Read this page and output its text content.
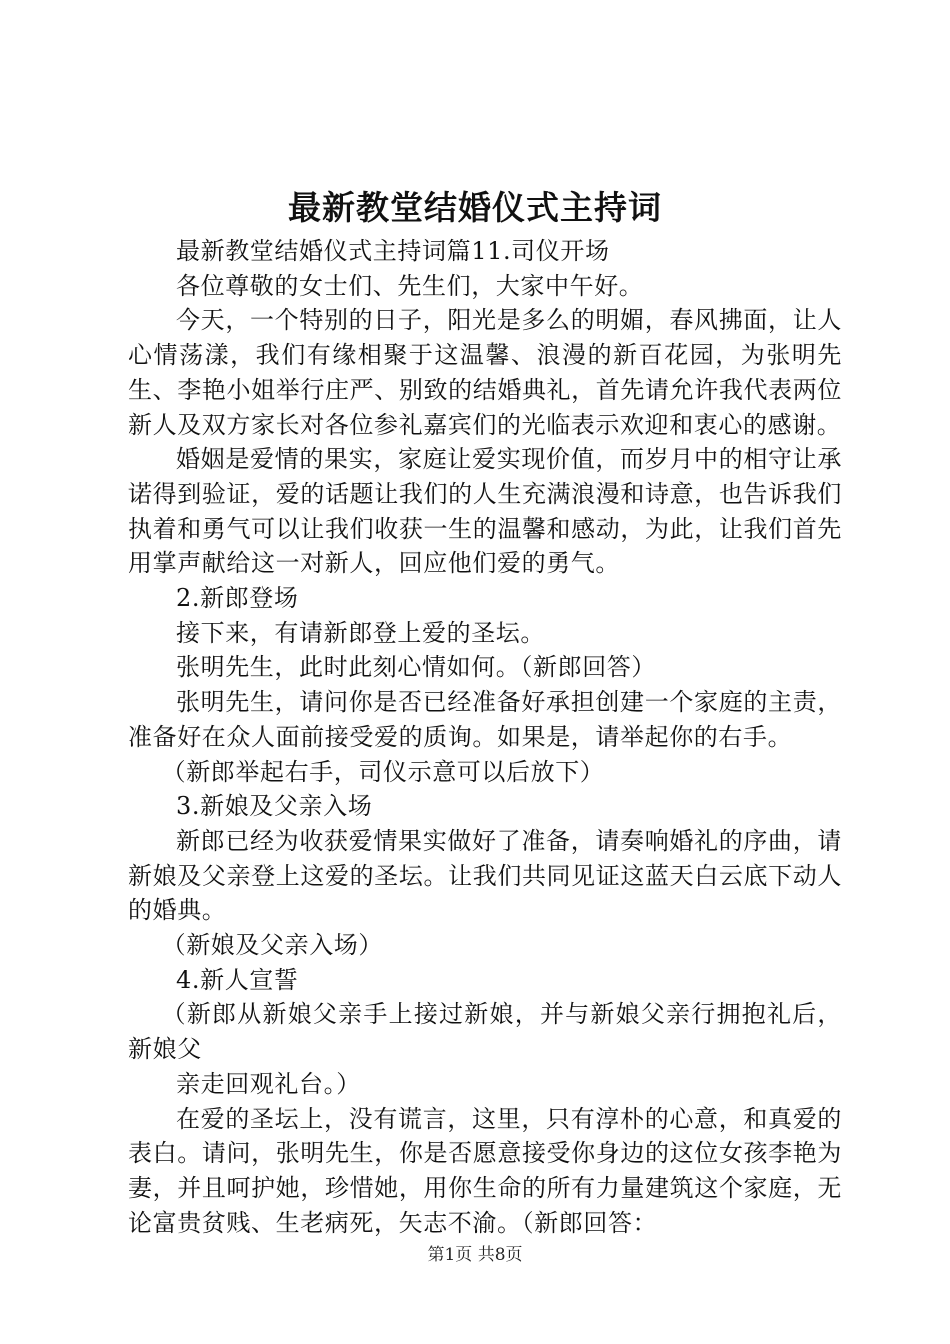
最新教堂结婚仪式主持词

最新教堂结婚仪式主持词篇11.司仪开场

各位尊敬的女士们、先生们，大家中午好。

今天，一个特别的日子，阳光是多么的明媚，春风拂面，让人心情荡漾，我们有缘相聚于这温馨、浪漫的新百花园，为张明先生、李艳小姐举行庄严、别致的结婚典礼，首先请允许我代表两位新人及双方家长对各位参礼嘉宾们的光临表示欢迎和衷心的感谢。

婚姻是爱情的果实，家庭让爱实现价值，而岁月中的相守让承诺得到验证，爱的话题让我们的人生充满浪漫和诗意，也告诉我们执着和勇气可以让我们收获一生的温馨和感动，为此，让我们首先用掌声献给这一对新人，回应他们爱的勇气。

2.新郎登场

接下来，有请新郎登上爱的圣坛。

张明先生，此时此刻心情如何。（新郎回答）

张明先生，请问你是否已经准备好承担创建一个家庭的主责，准备好在众人面前接受爱的质询。如果是，请举起你的右手。

（新郎举起右手，司仪示意可以后放下）

3.新娘及父亲入场

新郎已经为收获爱情果实做好了准备，请奏响婚礼的序曲，请新娘及父亲登上这爱的圣坛。让我们共同见证这蓝天白云底下动人的婚典。

（新娘及父亲入场）

4.新人宣誓

（新郎从新娘父亲手上接过新娘，并与新娘父亲行拥抱礼后，新娘父

亲走回观礼台。）

在爱的圣坛上，没有谎言，这里，只有淳朴的心意，和真爱的表白。请问，张明先生，你是否愿意接受你身边的这位女孩李艳为妻，并且呵护她，珍惜她，用你生命的所有力量建筑这个家庭，无论富贵贫贱、生老病死，矢志不渝。（新郎回答：

第1页 共8页
